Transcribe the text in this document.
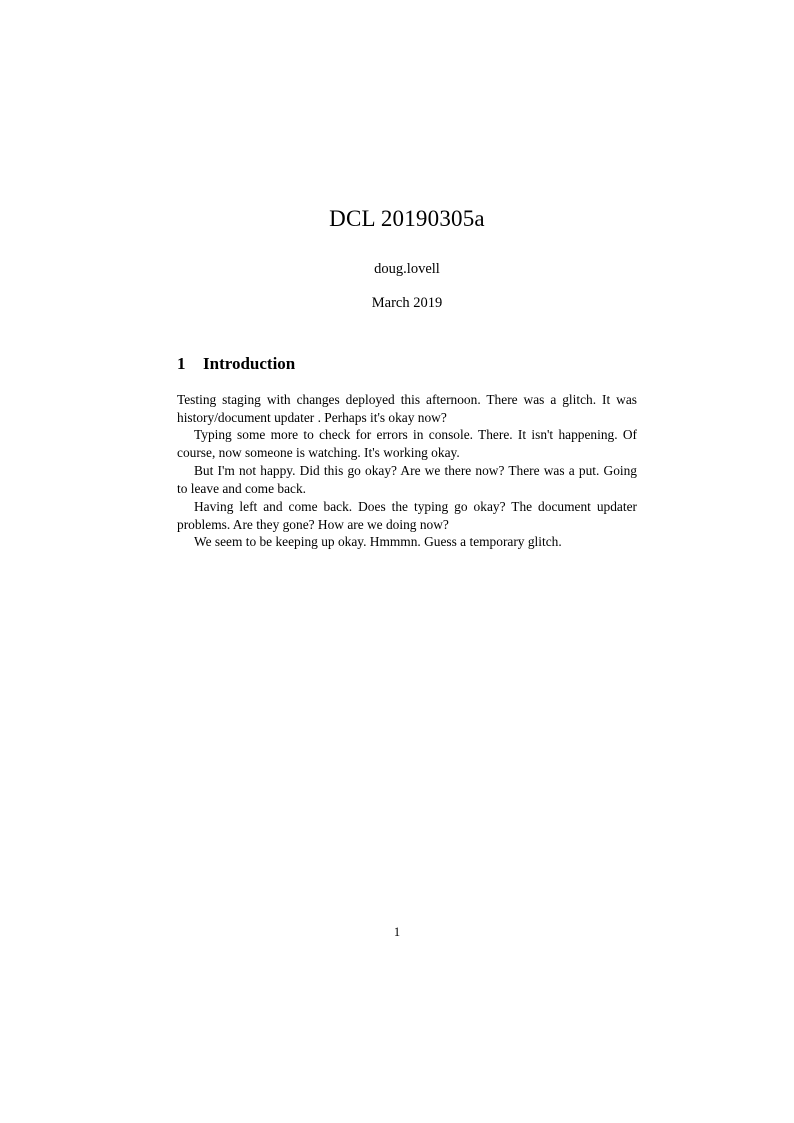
DCL 20190305a
doug.lovell
March 2019
1 Introduction

Testing staging with changes deployed this afternoon. There was a glitch. It was history/document updater . Perhaps it's okay now?

Typing some more to check for errors in console. There. It isn't happening. Of course, now someone is watching. It's working okay.

But I'm not happy. Did this go okay? Are we there now? There was a put. Going to leave and come back.

Having left and come back. Does the typing go okay? The document updater problems. Are they gone? How are we doing now?

We seem to be keeping up okay. Hmmmn. Guess a temporary glitch.

1
